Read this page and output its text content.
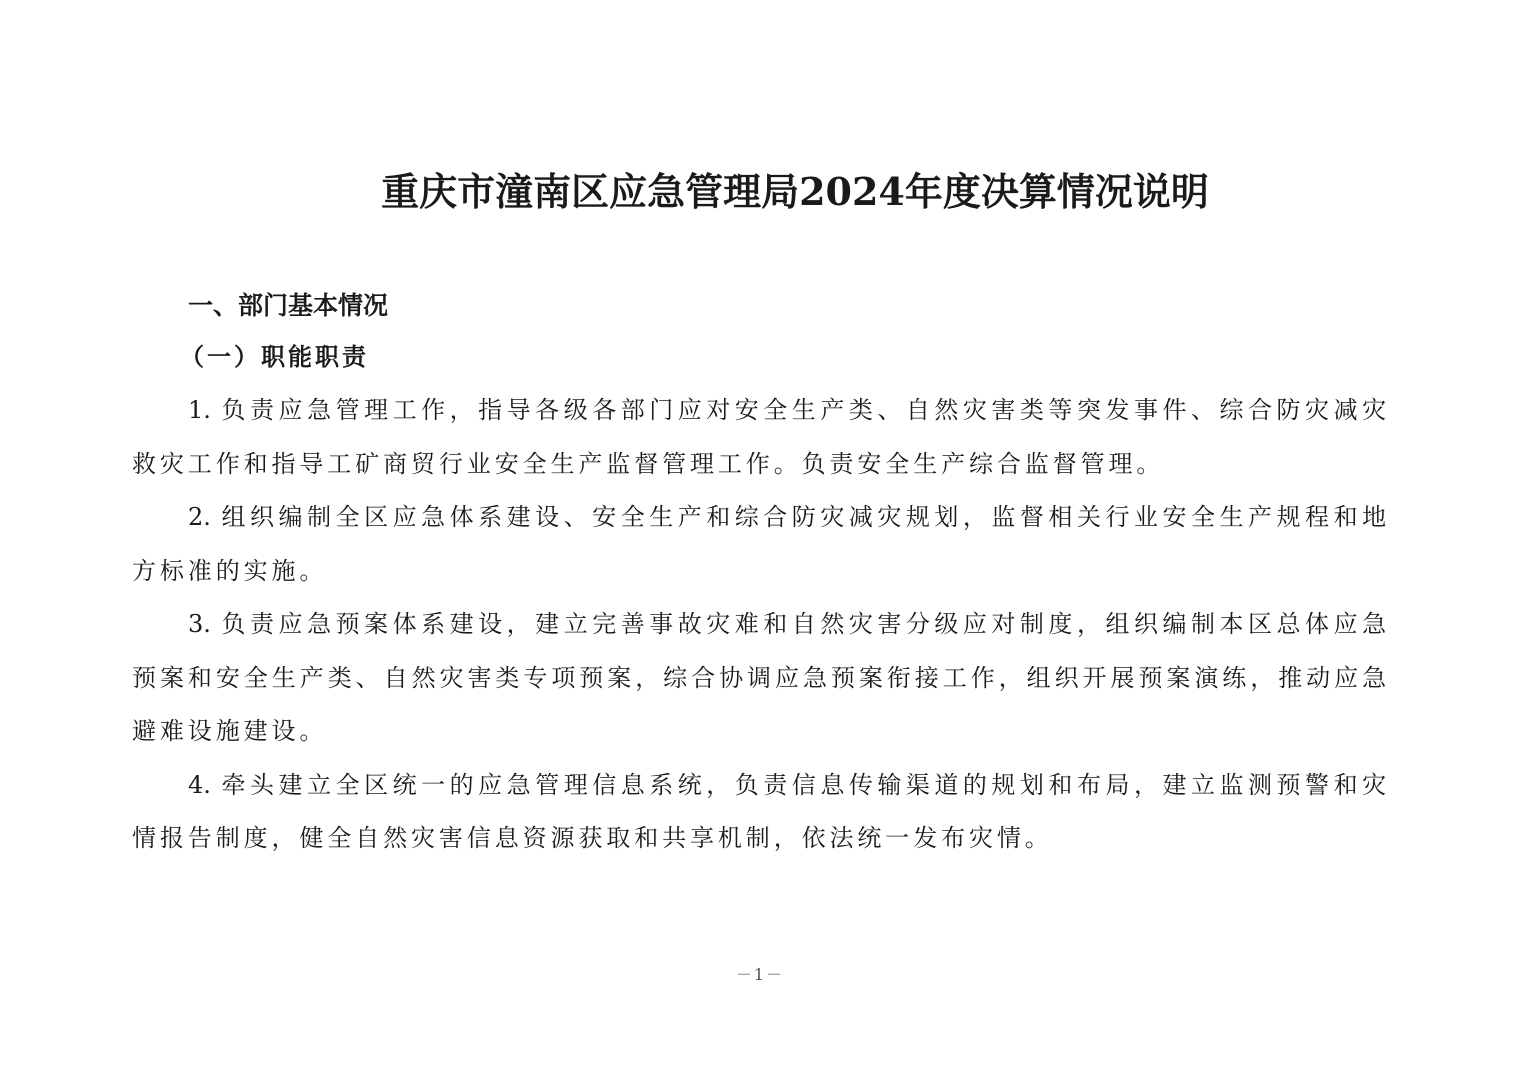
重庆市潼南区应急管理局2024年度决算情况说明
一、部门基本情况
（一）职能职责

1. 负责应急管理工作，指导各级各部门应对安全生产类、自然灾害类等突发事件、综合防灾减灾救灾工作和指导工矿商贸行业安全生产监督管理工作。负责安全生产综合监督管理。

2. 组织编制全区应急体系建设、安全生产和综合防灾减灾规划，监督相关行业安全生产规程和地方标准的实施。

3. 负责应急预案体系建设，建立完善事故灾难和自然灾害分级应对制度，组织编制本区总体应急预案和安全生产类、自然灾害类专项预案，综合协调应急预案衔接工作，组织开展预案演练，推动应急避难设施建设。

4. 牵头建立全区统一的应急管理信息系统，负责信息传输渠道的规划和布局，建立监测预警和灾情报告制度，健全自然灾害信息资源获取和共享机制，依法统一发布灾情。

－1－
